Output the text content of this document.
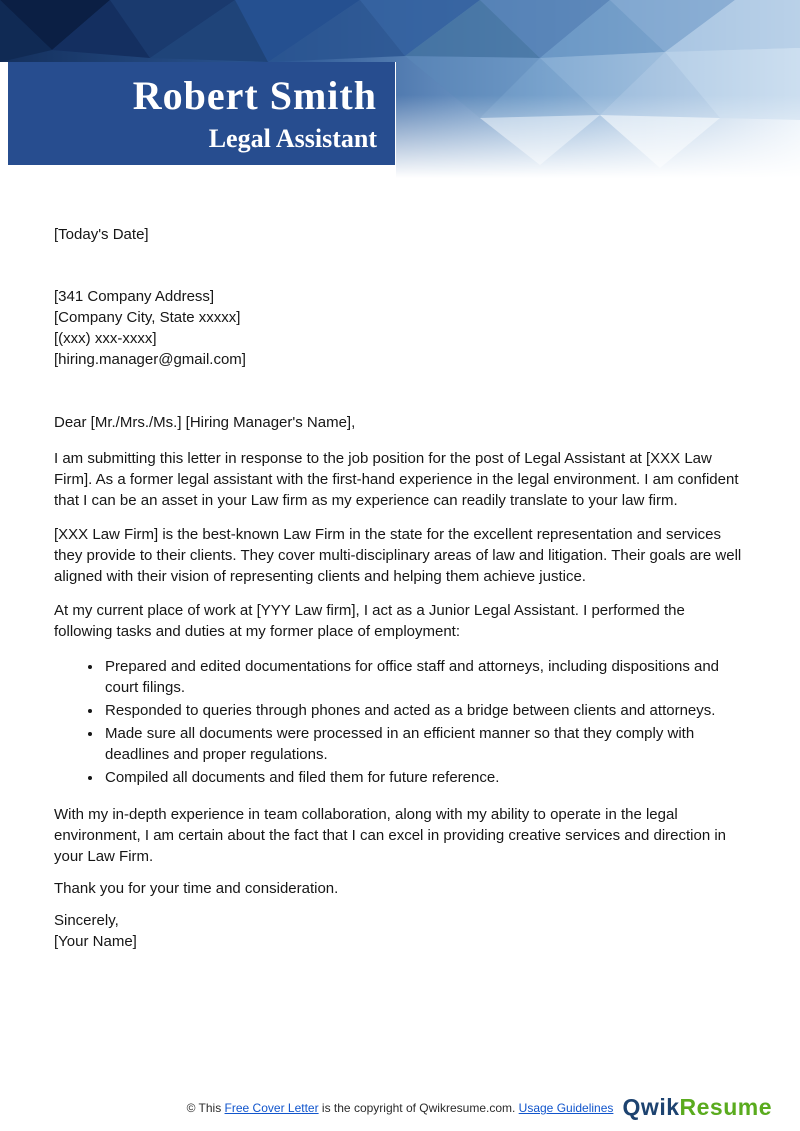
Robert Smith
Legal Assistant

[Today's Date]

[341 Company Address]
[Company City, State xxxxx]
[(xxx) xxx-xxxx]
[hiring.manager@gmail.com]

Dear [Mr./Mrs./Ms.] [Hiring Manager's Name],

I am submitting this letter in response to the job position for the post of Legal Assistant at [XXX Law Firm]. As a former legal assistant with the first-hand experience in the legal environment. I am confident that I can be an asset in your Law firm as my experience can readily translate to your law firm.

[XXX Law Firm] is the best-known Law Firm in the state for the excellent representation and services they provide to their clients. They cover multi-disciplinary areas of law and litigation. Their goals are well aligned with their vision of representing clients and helping them achieve justice.

At my current place of work at [YYY Law firm], I act as a Junior Legal Assistant. I performed the following tasks and duties at my former place of employment:

• Prepared and edited documentations for office staff and attorneys, including dispositions and court filings.
• Responded to queries through phones and acted as a bridge between clients and attorneys.
• Made sure all documents were processed in an efficient manner so that they comply with deadlines and proper regulations.
• Compiled all documents and filed them for future reference.

With my in-depth experience in team collaboration, along with my ability to operate in the legal environment, I am certain about the fact that I can excel in providing creative services and direction in your Law Firm.

Thank you for your time and consideration.

Sincerely,
[Your Name]
© This Free Cover Letter is the copyright of Qwikresume.com. Usage Guidelines QwikResume
